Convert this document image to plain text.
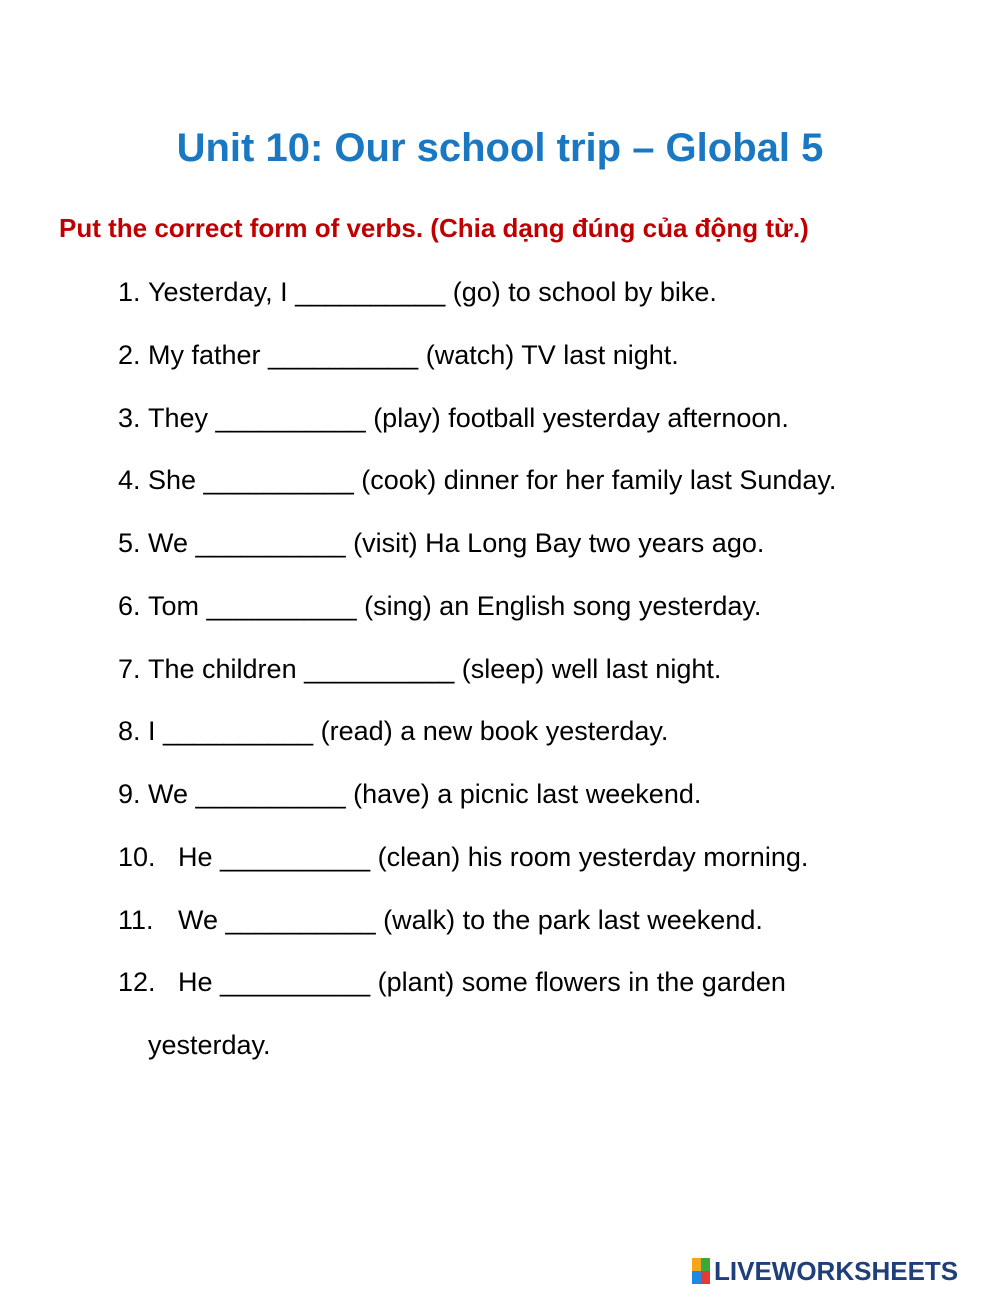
Unit 10: Our school trip – Global 5
Put the correct form of verbs. (Chia dạng đúng của động từ.)
1. Yesterday, I __________ (go) to school by bike.
2. My father __________ (watch) TV last night.
3. They __________ (play) football yesterday afternoon.
4. She __________ (cook) dinner for her family last Sunday.
5. We __________ (visit) Ha Long Bay two years ago.
6. Tom __________ (sing) an English song yesterday.
7. The children __________ (sleep) well last night.
8. I __________ (read) a new book yesterday.
9. We __________ (have) a picnic last weekend.
10. He __________ (clean) his room yesterday morning.
11. We __________ (walk) to the park last weekend.
12. He __________ (plant) some flowers in the garden
yesterday.
LIVEWORKSHEETS
